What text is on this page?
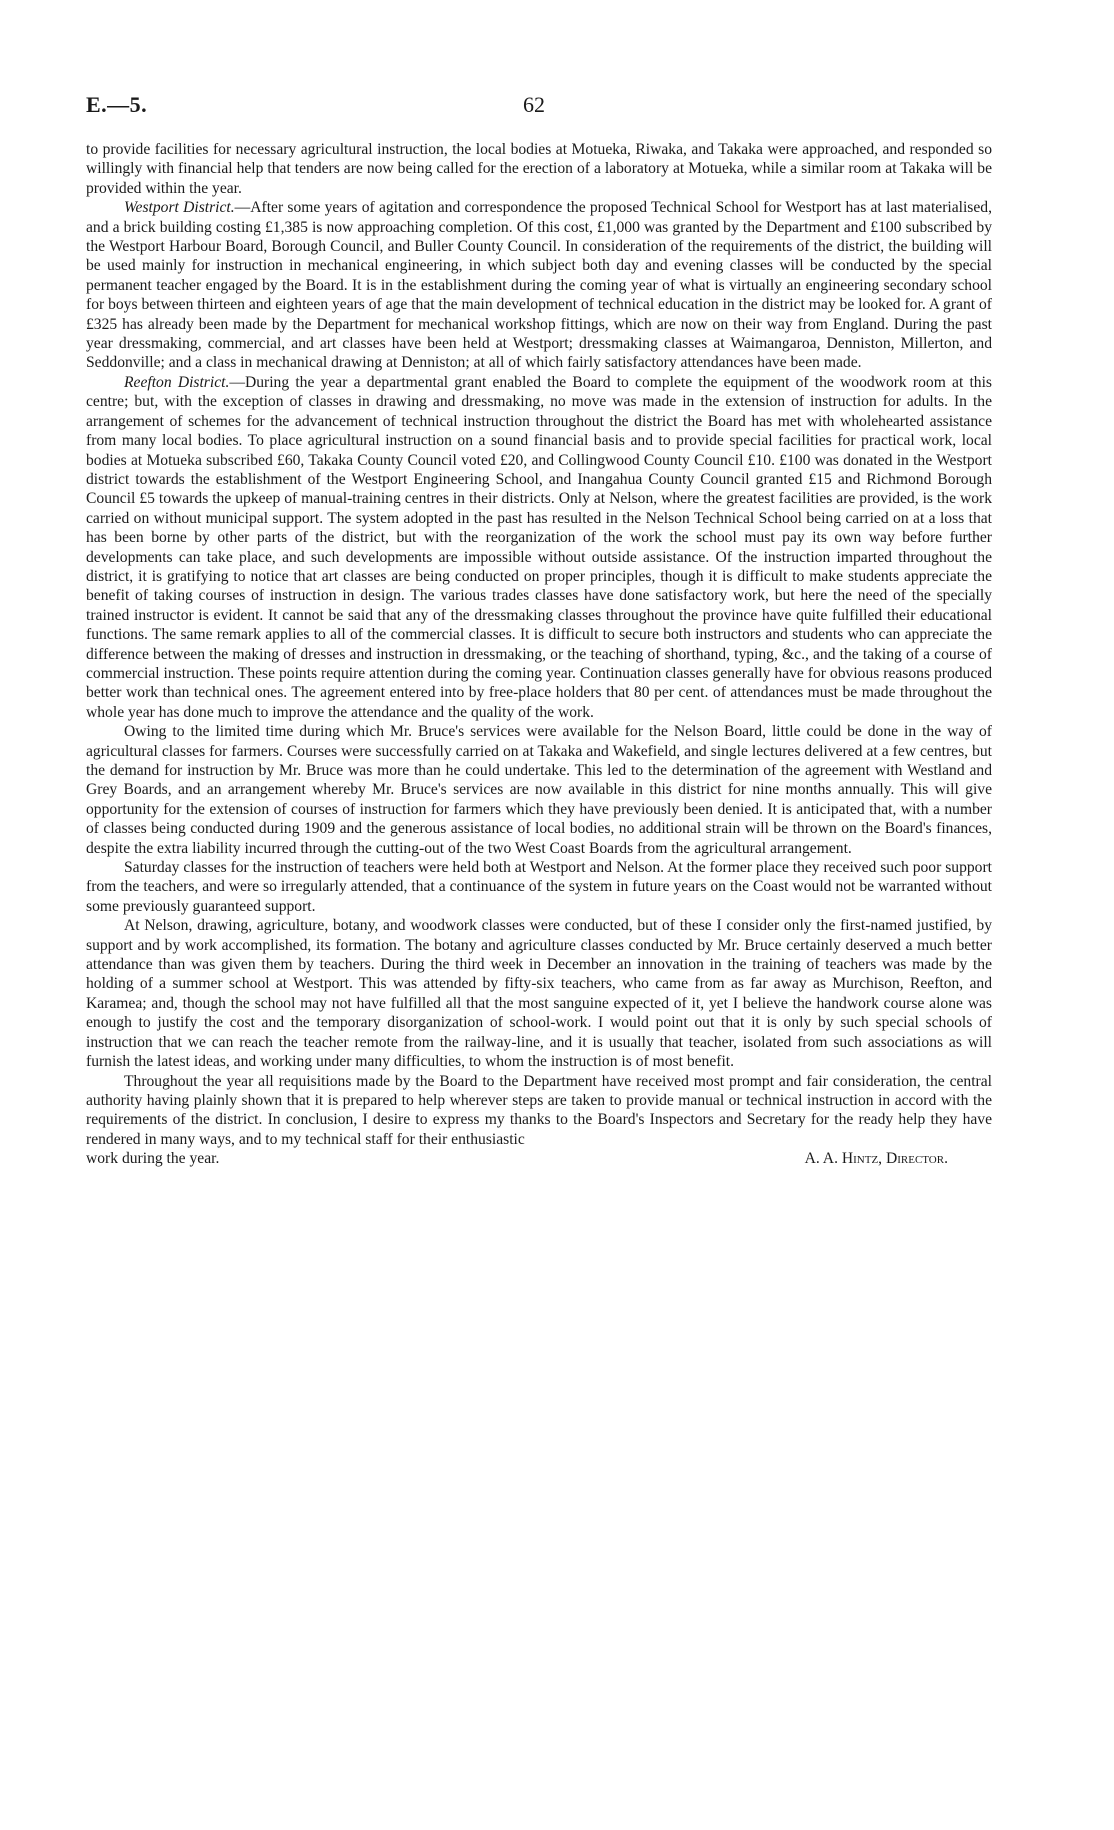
E.—5.	62

to provide facilities for necessary agricultural instruction, the local bodies at Motueka, Riwaka, and Takaka were approached, and responded so willingly with financial help that tenders are now being called for the erection of a laboratory at Motueka, while a similar room at Takaka will be provided within the year.

Westport District.—After some years of agitation and correspondence the proposed Technical School for Westport has at last materialised, and a brick building costing £1,385 is now approaching completion. Of this cost, £1,000 was granted by the Department and £100 subscribed by the Westport Harbour Board, Borough Council, and Buller County Council. In consideration of the requirements of the district, the building will be used mainly for instruction in mechanical engineering, in which subject both day and evening classes will be conducted by the special permanent teacher engaged by the Board. It is in the establishment during the coming year of what is virtually an engineering secondary school for boys between thirteen and eighteen years of age that the main development of technical education in the district may be looked for. A grant of £325 has already been made by the Department for mechanical workshop fittings, which are now on their way from England. During the past year dressmaking, commercial, and art classes have been held at Westport; dressmaking classes at Waimangaroa, Denniston, Millerton, and Seddonville; and a class in mechanical drawing at Denniston; at all of which fairly satisfactory attendances have been made.

Reefton District.—During the year a departmental grant enabled the Board to complete the equipment of the woodwork room at this centre; but, with the exception of classes in drawing and dressmaking, no move was made in the extension of instruction for adults. In the arrangement of schemes for the advancement of technical instruction throughout the district the Board has met with wholehearted assistance from many local bodies. To place agricultural instruction on a sound financial basis and to provide special facilities for practical work, local bodies at Motueka subscribed £60, Takaka County Council voted £20, and Collingwood County Council £10. £100 was donated in the Westport district towards the establishment of the Westport Engineering School, and Inangahua County Council granted £15 and Richmond Borough Council £5 towards the upkeep of manual-training centres in their districts. Only at Nelson, where the greatest facilities are provided, is the work carried on without municipal support. The system adopted in the past has resulted in the Nelson Technical School being carried on at a loss that has been borne by other parts of the district, but with the reorganization of the work the school must pay its own way before further developments can take place, and such developments are impossible without outside assistance. Of the instruction imparted throughout the district, it is gratifying to notice that art classes are being conducted on proper principles, though it is difficult to make students appreciate the benefit of taking courses of instruction in design. The various trades classes have done satisfactory work, but here the need of the specially trained instructor is evident. It cannot be said that any of the dressmaking classes throughout the province have quite fulfilled their educational functions. The same remark applies to all of the commercial classes. It is difficult to secure both instructors and students who can appreciate the difference between the making of dresses and instruction in dressmaking, or the teaching of shorthand, typing, &c., and the taking of a course of commercial instruction. These points require attention during the coming year. Continuation classes generally have for obvious reasons produced better work than technical ones. The agreement entered into by free-place holders that 80 per cent. of attendances must be made throughout the whole year has done much to improve the attendance and the quality of the work.

Owing to the limited time during which Mr. Bruce's services were available for the Nelson Board, little could be done in the way of agricultural classes for farmers. Courses were successfully carried on at Takaka and Wakefield, and single lectures delivered at a few centres, but the demand for instruction by Mr. Bruce was more than he could undertake. This led to the determination of the agreement with Westland and Grey Boards, and an arrangement whereby Mr. Bruce's services are now available in this district for nine months annually. This will give opportunity for the extension of courses of instruction for farmers which they have previously been denied. It is anticipated that, with a number of classes being conducted during 1909 and the generous assistance of local bodies, no additional strain will be thrown on the Board's finances, despite the extra liability incurred through the cutting-out of the two West Coast Boards from the agricultural arrangement.

Saturday classes for the instruction of teachers were held both at Westport and Nelson. At the former place they received such poor support from the teachers, and were so irregularly attended, that a continuance of the system in future years on the Coast would not be warranted without some previously guaranteed support.

At Nelson, drawing, agriculture, botany, and woodwork classes were conducted, but of these I consider only the first-named justified, by support and by work accomplished, its formation. The botany and agriculture classes conducted by Mr. Bruce certainly deserved a much better attendance than was given them by teachers. During the third week in December an innovation in the training of teachers was made by the holding of a summer school at Westport. This was attended by fifty-six teachers, who came from as far away as Murchison, Reefton, and Karamea; and, though the school may not have fulfilled all that the most sanguine expected of it, yet I believe the handwork course alone was enough to justify the cost and the temporary disorganization of school-work. I would point out that it is only by such special schools of instruction that we can reach the teacher remote from the railway-line, and it is usually that teacher, isolated from such associations as will furnish the latest ideas, and working under many difficulties, to whom the instruction is of most benefit.

Throughout the year all requisitions made by the Board to the Department have received most prompt and fair consideration, the central authority having plainly shown that it is prepared to help wherever steps are taken to provide manual or technical instruction in accord with the requirements of the district. In conclusion, I desire to express my thanks to the Board's Inspectors and Secretary for the ready help they have rendered in many ways, and to my technical staff for their enthusiastic

work during the year.	A. A. Hintz, Director.
